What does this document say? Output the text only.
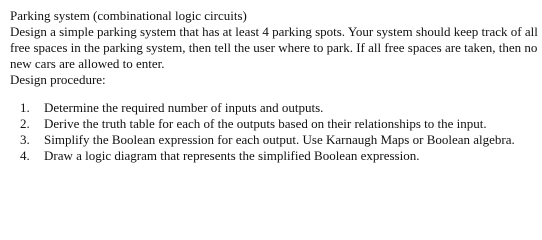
Parking system (combinational logic circuits)

Design a simple parking system that has at least 4 parking spots. Your system should keep track of all free spaces in the parking system, then tell the user where to park. If all free spaces are taken, then no new cars are allowed to enter.

Design procedure:

1.	Determine the required number of inputs and outputs.
2.	Derive the truth table for each of the outputs based on their relationships to the input.
3.	Simplify the Boolean expression for each output. Use Karnaugh Maps or Boolean algebra.
4.	Draw a logic diagram that represents the simplified Boolean expression.
